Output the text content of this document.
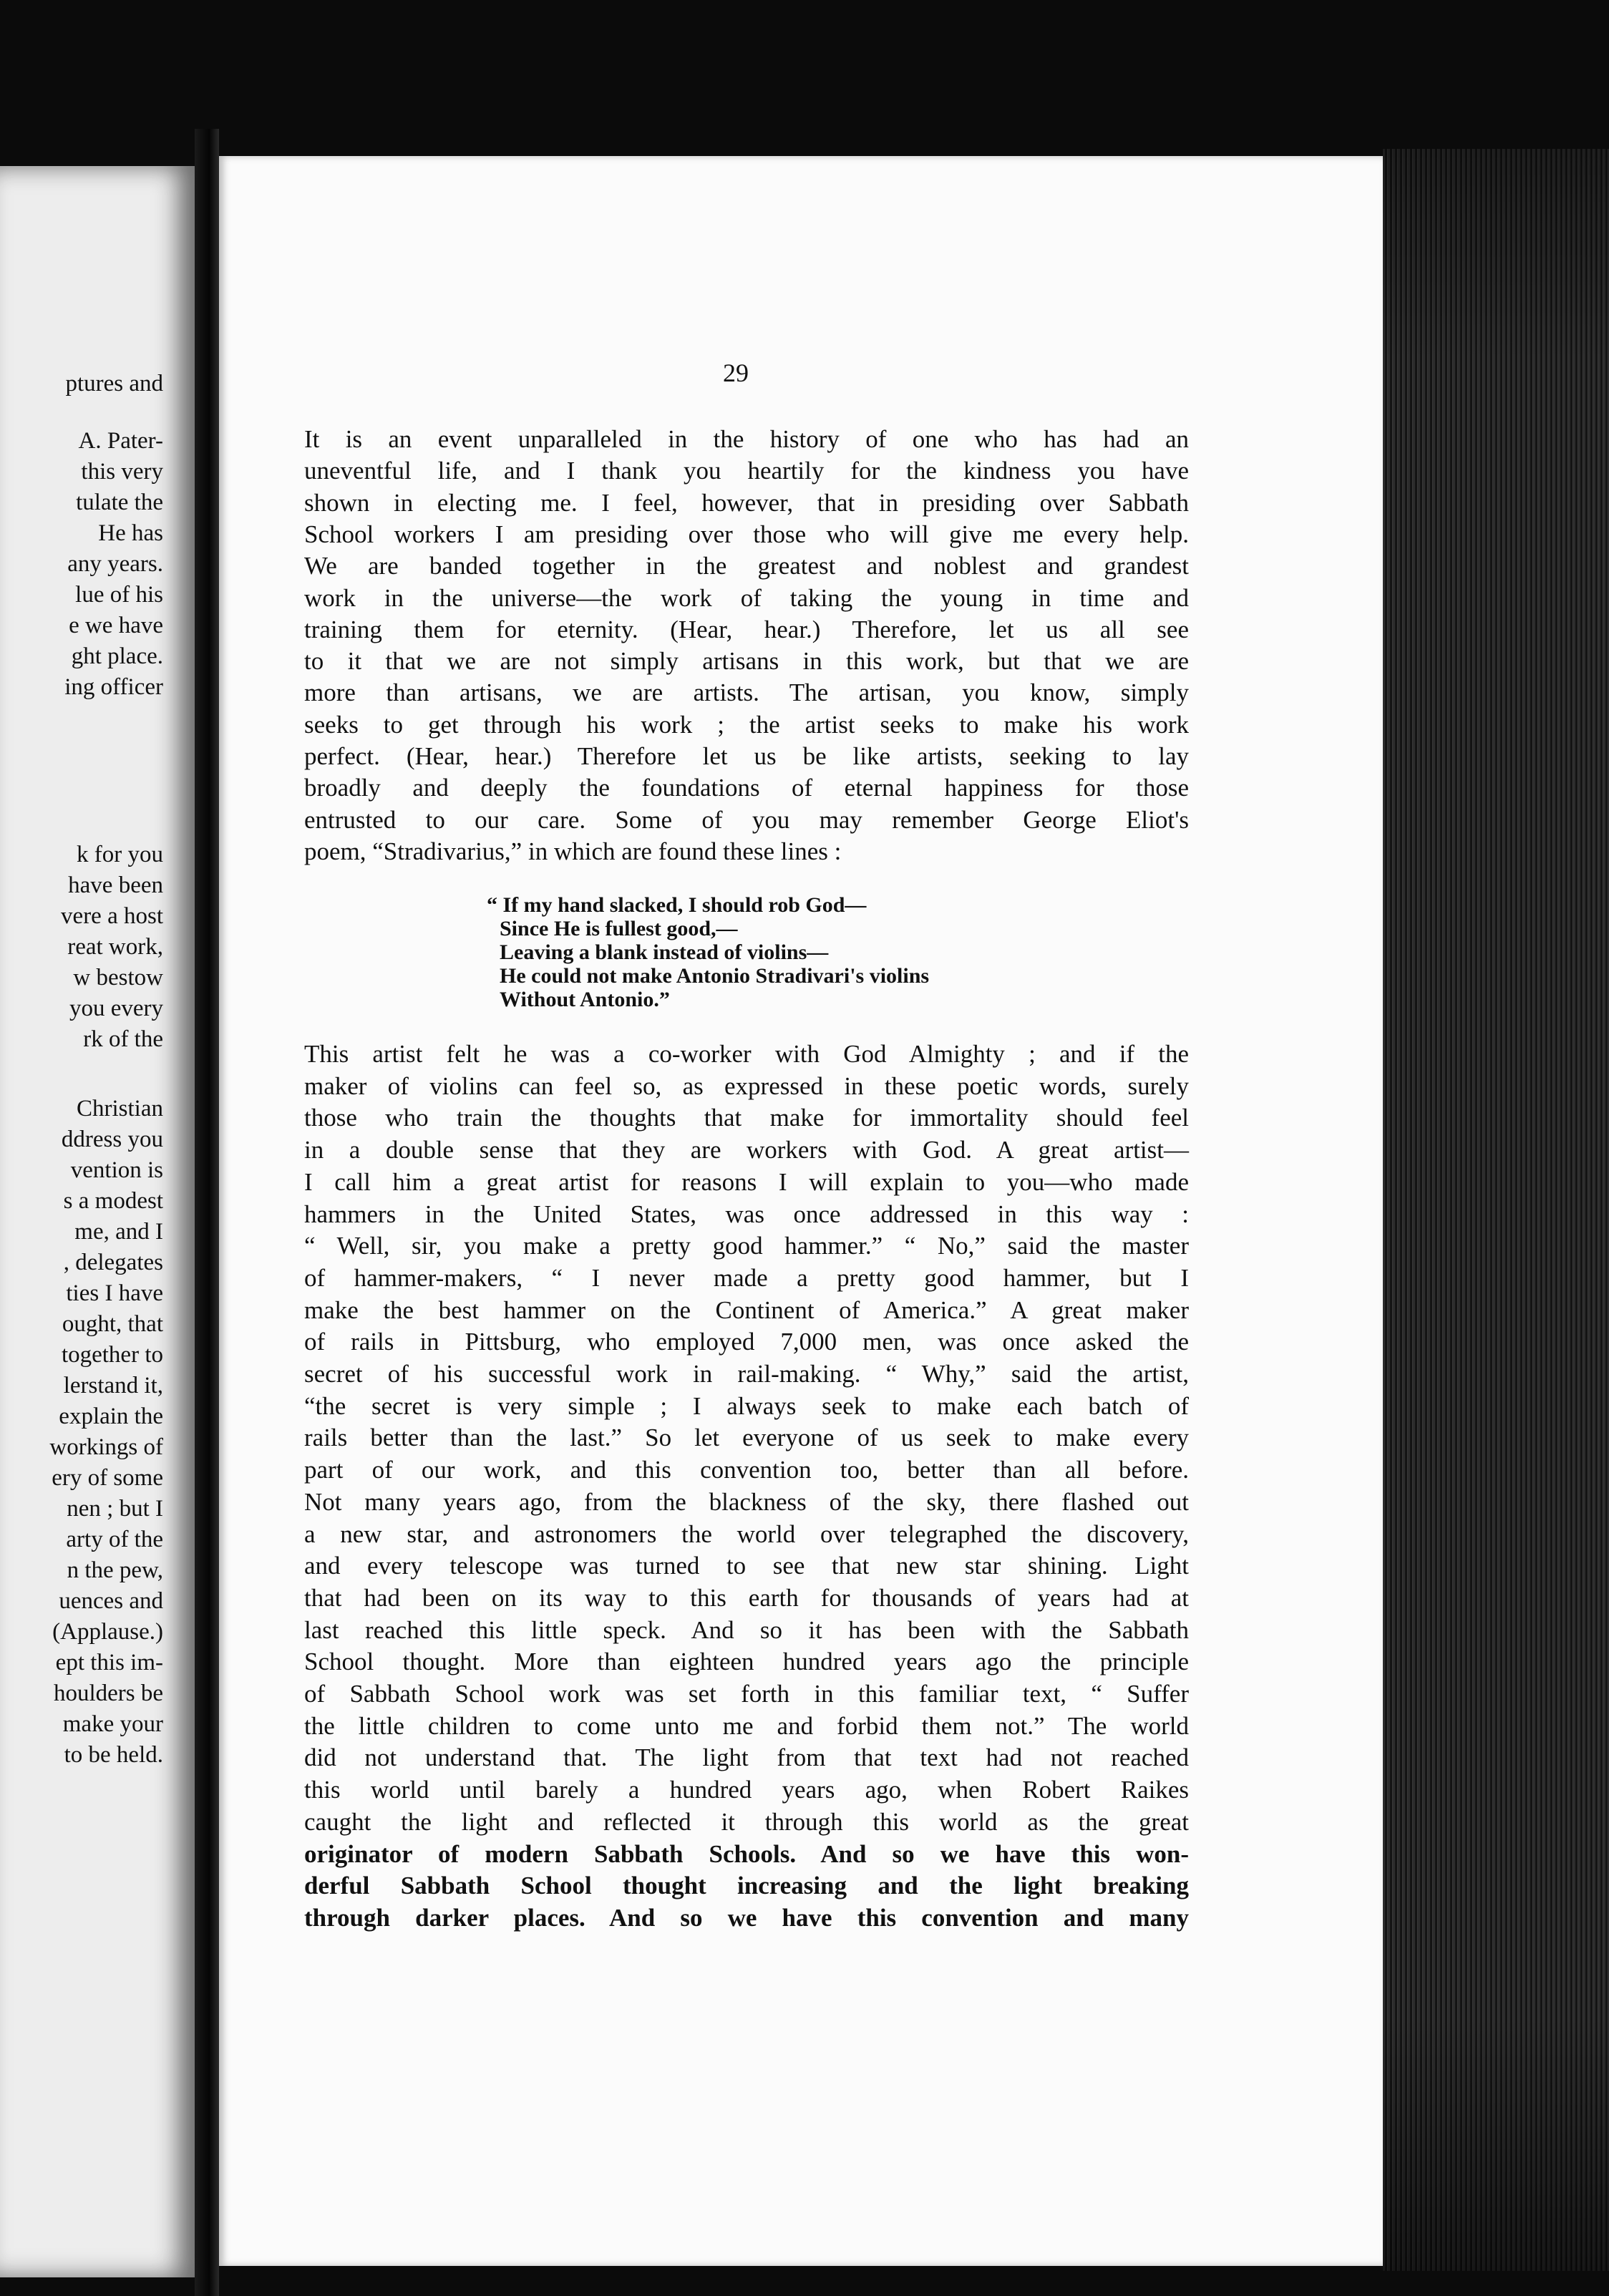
ptures and
A. Pater-
this very
tulate the
He has
any years.
lue of his
e we have
ght place.
ing officer
k for you
have been
vere a host
reat work,
w bestow
you every
rk of the
Christian
ddress you
vention is
s a modest
me, and I
, delegates
ties I have
ought, that
together to
lerstand it,
explain the
workings of
ery of some
nen ; but I
arty of the
n the pew,
uences and
(Applause.)
ept this im-
houlders be
make your
to be held.
29
It is an event unparalleled in the history of one who has had an
uneventful life, and I thank you heartily for the kindness you have
shown in electing me. I feel, however, that in presiding over Sabbath
School workers I am presiding over those who will give me every help.
We are banded together in the greatest and noblest and grandest
work in the universe—the work of taking the young in time and
training them for eternity. (Hear, hear.) Therefore, let us all see
to it that we are not simply artisans in this work, but that we are
more than artisans, we are artists. The artisan, you know, simply
seeks to get through his work ; the artist seeks to make his work
perfect. (Hear, hear.) Therefore let us be like artists, seeking to lay
broadly and deeply the foundations of eternal happiness for those
entrusted to our care. Some of you may remember George Eliot's
poem, “Stradivarius,” in which are found these lines :
“ If my hand slacked, I should rob God—
Since He is fullest good,—
Leaving a blank instead of violins—
He could not make Antonio Stradivari's violins
Without Antonio.”
This artist felt he was a co-worker with God Almighty ; and if the
maker of violins can feel so, as expressed in these poetic words, surely
those who train the thoughts that make for immortality should feel
in a double sense that they are workers with God. A great artist—
I call him a great artist for reasons I will explain to you—who made
hammers in the United States, was once addressed in this way :
“ Well, sir, you make a pretty good hammer.” “ No,” said the master
of hammer-makers, “ I never made a pretty good hammer, but I
make the best hammer on the Continent of America.” A great maker
of rails in Pittsburg, who employed 7,000 men, was once asked the
secret of his successful work in rail-making. “ Why,” said the artist,
“the secret is very simple ; I always seek to make each batch of
rails better than the last.” So let everyone of us seek to make every
part of our work, and this convention too, better than all before.
Not many years ago, from the blackness of the sky, there flashed out
a new star, and astronomers the world over telegraphed the discovery,
and every telescope was turned to see that new star shining. Light
that had been on its way to this earth for thousands of years had at
last reached this little speck. And so it has been with the Sabbath
School thought. More than eighteen hundred years ago the principle
of Sabbath School work was set forth in this familiar text, “ Suffer
the little children to come unto me and forbid them not.” The world
did not understand that. The light from that text had not reached
this world until barely a hundred years ago, when Robert Raikes
caught the light and reflected it through this world as the great
originator of modern Sabbath Schools. And so we have this won-
derful Sabbath School thought increasing and the light breaking
through darker places. And so we have this convention and many
